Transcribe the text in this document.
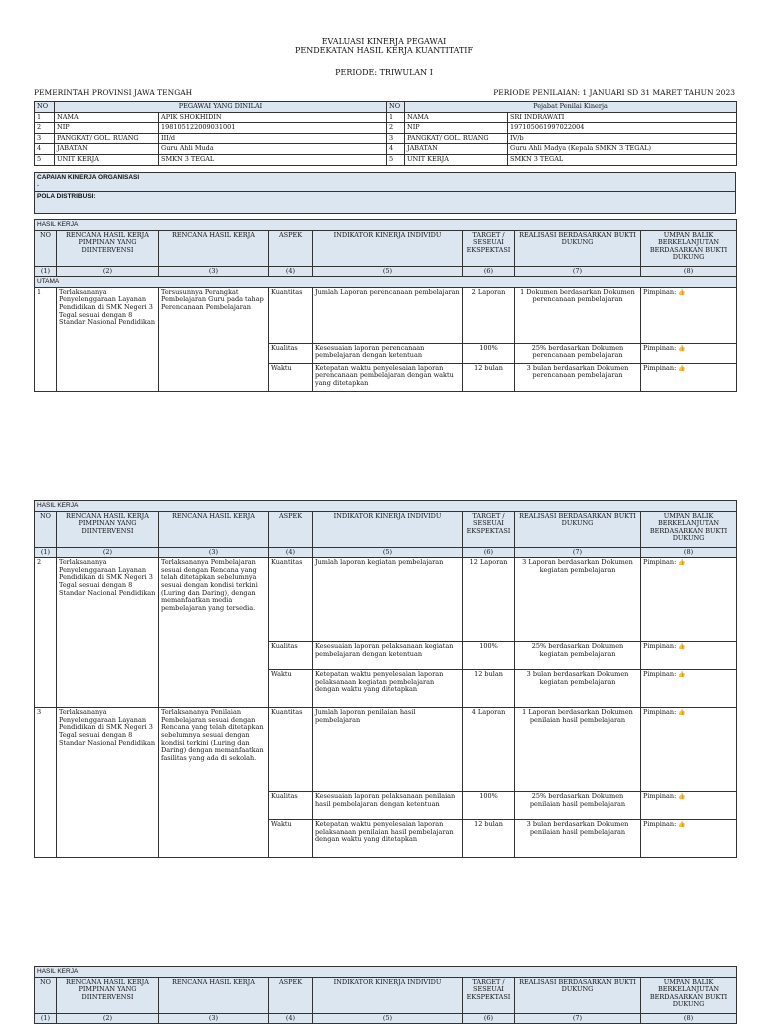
EVALUASI KINERJA PEGAWAI
PENDEKATAN HASIL KERJA KUANTITATIF
PERIODE: TRIWULAN I
PEMERINTAH PROVINSI JAWA TENGAH	PERIODE PENILAIAN: 1 JANUARI SD 31 MARET TAHUN 2023
NO	PEGAWAI YANG DINILAI		NO	Pejabat Penilai Kinerja	
1	NAMA	APIK SHOKHIDIN	1	NAMA	SRI INDRAWATI
2	NIP	198105122009031001	2	NIP	197105061997022004
3	PANGKAT/ GOL. RUANG	III/d	3	PANGKAT/ GOL. RUANG	IV/b
4	JABATAN	Guru Ahli Muda	4	JABATAN	Guru Ahli Madya (Kepala SMKN 3 TEGAL)
5	UNIT KERJA	SMKN 3 TEGAL	5	UNIT KERJA	SMKN 3 TEGAL
CAPAIAN KINERJA ORGANISASI
-

POLA DISTRIBUSI:
HASIL KERJA							
NO	RENCANA HASIL KERJA PIMPINAN YANG DIINTERVENSI	RENCANA HASIL KERJA	ASPEK	INDIKATOR KINERJA INDIVIDU	TARGET / SESEUAI EKSPEKTASI	REALISASI BERDASARKAN BUKTI DUKUNG	UMPAN BALIK BERKELANJUTAN BERDASARKAN BUKTI DUKUNG
(1)	(2)	(3)	(4)	(5)	(6)	(7)	(8)
UTAMA							
1	Terlaksananya Penyelenggaraan Layanan Pendidikan di SMK Negeri 3 Tegal sesuai dengan 8 Standar Nasional Pendidikan	Tersusunnya Perangkat Pembelajaran Guru pada tahap Perencanaan Pembelajaran	Kuantitas	Jumlah Laporan perencanaan pembelajaran	2 Laporan	1 Dokumen berdasarkan Dokumen perencanaan pembelajaran	Pimpinan: 👍
			Kualitas	Kesesuaian laporan perencanaan pembelajaran dengan ketentuan	100%	25% berdasarkan Dokumen perencanaan pembelajaran	Pimpinan: 👍
			Waktu	Ketepatan waktu penyelesaian laporan perencanaan pembelajaran dengan waktu yang ditetapkan	12 bulan	3 bulan berdasarkan Dokumen perencanaan pembelajaran	Pimpinan: 👍
HASIL KERJA							
NO	RENCANA HASIL KERJA PIMPINAN YANG DIINTERVENSI	RENCANA HASIL KERJA	ASPEK	INDIKATOR KINERJA INDIVIDU	TARGET / SESEUAI EKSPEKTASI	REALISASI BERDASARKAN BUKTI DUKUNG	UMPAN BALIK BERKELANJUTAN BERDASARKAN BUKTI DUKUNG
(1)	(2)	(3)	(4)	(5)	(6)	(7)	(8)
2	Terlaksananya Penyelenggaraan Layanan Pendidikan di SMK Negeri 3 Tegal sesuai dengan 8 Standar Nacional Pendidikan	Terlaksananya Pembelajaran sesuai dengan Rencana yang telah ditetapkan sebelumnya sesuai dengan kondisi terkini (Luring dan Daring), dengan memanfaatkan media pembelajaran yang tersedia.	Kuantitas	Jumlah laporan kegiatan pembelajaran	12 Laporan	3 Laporan berdasarkan Dokumen kegiatan pembelajaran	Pimpinan: 👍
			Kualitas	Kesesuaian laporan pelaksanaan kegiatan pembelajaran dengan ketentuan	100%	25% berdasarkan Dokumen kegiatan pembelajaran	Pimpinan: 👍
			Waktu	Ketepatan waktu penyelesaian laporan pelaksanaan kegiatan pembelajaran dengan waktu yang ditetapkan	12 bulan	3 bulan berdasarkan Dokumen kegiatan pembelajaran	Pimpinan: 👍
3	Terlaksananya Penyelenggaraan Layanan Pendidikan di SMK Negeri 3 Tegal sesuai dengan 8 Standar Nasional Pendidikan	Terlaksananya Penilaian Pembelajaran sesuai dengan Rencana yang telah ditetapkan sebelumnya sesuai dengan kondisi terkini (Luring dan Daring) dengan memanfaatkan fasilitas yang ada di sekolah.	Kuantitas	Jumlah laporan penilaian hasil pembelajaran	4 Laporan	1 Laporan berdasarkan Dokumen penilaian hasil pembelajaran	Pimpinan: 👍
			Kualitas	Kesesuaian laporan pelaksanaan penilaian hasil pembelajaran dengan ketentuan	100%	25% berdasarkan Dokumen penilaian hasil pembelajaran	Pimpinan: 👍
			Waktu	Ketepatan waktu penyelesaian laporan pelaksanaan penilaian hasil pembelajaran dengan waktu yang ditetapkan	12 bulan	3 bulan berdasarkan Dokumen penilaian hasil pembelajaran	Pimpinan: 👍
HASIL KERJA							
NO	RENCANA HASIL KERJA PIMPINAN YANG DIINTERVENSI	RENCANA HASIL KERJA	ASPEK	INDIKATOR KINERJA INDIVIDU	TARGET / SESEUAI EKSPEKTASI	REALISASI BERDASARKAN BUKTI DUKUNG	UMPAN BALIK BERKELANJUTAN BERDASARKAN BUKTI DUKUNG
(1)	(2)	(3)	(4)	(5)	(6)	(7)	(8)
